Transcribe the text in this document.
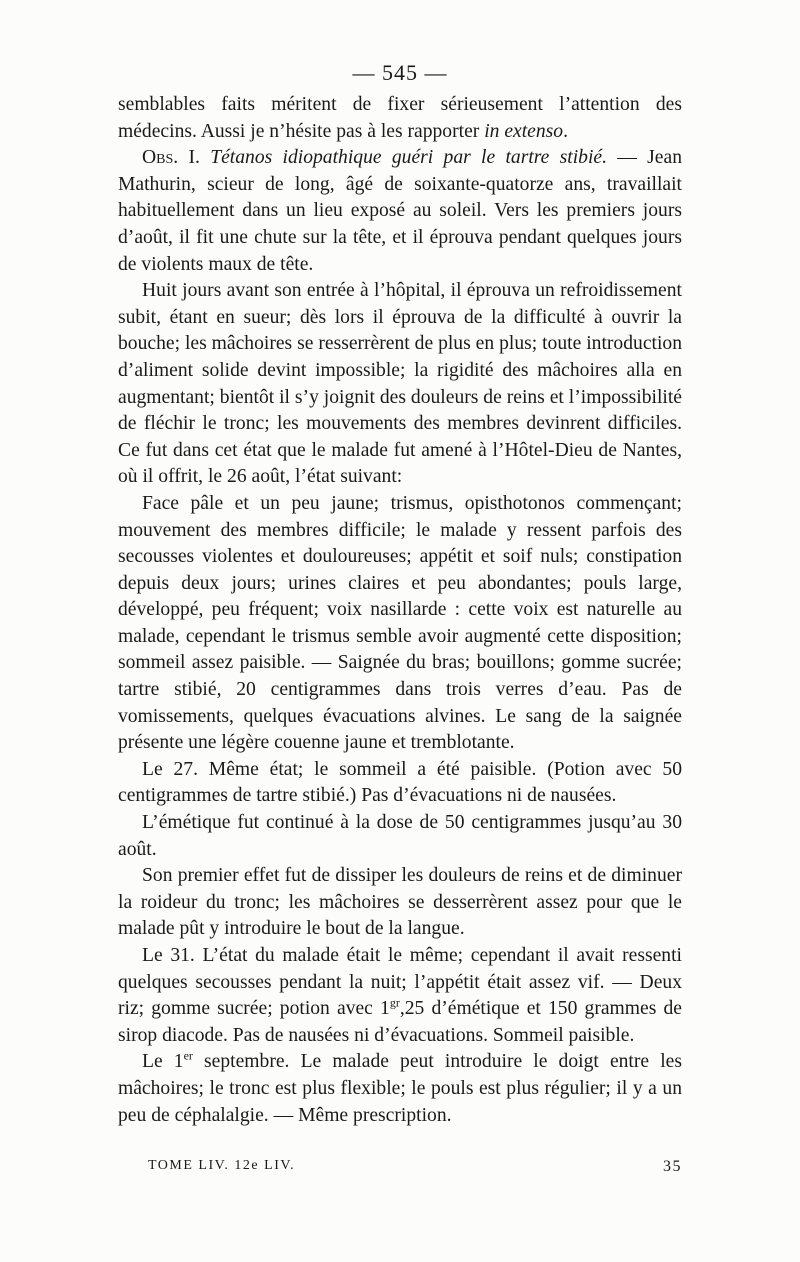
— 545 —

semblables faits méritent de fixer sérieusement l’attention des médecins. Aussi je n’hésite pas à les rapporter in extenso.

Obs. I. Tétanos idiopathique guéri par le tartre stibié. — Jean Mathurin, scieur de long, âgé de soixante-quatorze ans, travaillait habituellement dans un lieu exposé au soleil. Vers les premiers jours d’août, il fit une chute sur la tête, et il éprouva pendant quelques jours de violents maux de tête.

Huit jours avant son entrée à l’hôpital, il éprouva un refroidissement subit, étant en sueur; dès lors il éprouva de la difficulté à ouvrir la bouche; les mâchoires se resserrèrent de plus en plus; toute introduction d’aliment solide devint impossible; la rigidité des mâchoires alla en augmentant; bientôt il s’y joignit des douleurs de reins et l’impossibilité de fléchir le tronc; les mouvements des membres devinrent difficiles. Ce fut dans cet état que le malade fut amené à l’Hôtel-Dieu de Nantes, où il offrit, le 26 août, l’état suivant:

Face pâle et un peu jaune; trismus, opisthotonos commençant; mouvement des membres difficile; le malade y ressent parfois des secousses violentes et douloureuses; appétit et soif nuls; constipation depuis deux jours; urines claires et peu abondantes; pouls large, développé, peu fréquent; voix nasillarde : cette voix est naturelle au malade, cependant le trismus semble avoir augmenté cette disposition; sommeil assez paisible. — Saignée du bras; bouillons; gomme sucrée; tartre stibié, 20 centigrammes dans trois verres d’eau. Pas de vomissements, quelques évacuations alvines. Le sang de la saignée présente une légère couenne jaune et tremblotante.

Le 27. Même état; le sommeil a été paisible. (Potion avec 50 centigrammes de tartre stibié.) Pas d’évacuations ni de nausées.

L’émétique fut continué à la dose de 50 centigrammes jusqu’au 30 août.

Son premier effet fut de dissiper les douleurs de reins et de diminuer la roideur du tronc; les mâchoires se desserrèrent assez pour que le malade pût y introduire le bout de la langue.

Le 31. L’état du malade était le même; cependant il avait ressenti quelques secousses pendant la nuit; l’appétit était assez vif. — Deux riz; gomme sucrée; potion avec $1^{gr},25$ d’émétique et 150 grammes de sirop diacode. Pas de nausées ni d’évacuations. Sommeil paisible.

Le 1er septembre. Le malade peut introduire le doigt entre les mâchoires; le tronc est plus flexible; le pouls est plus régulier; il y a un peu de céphalalgie. — Même prescription.

TOME LIV. 12e LIV.	35
